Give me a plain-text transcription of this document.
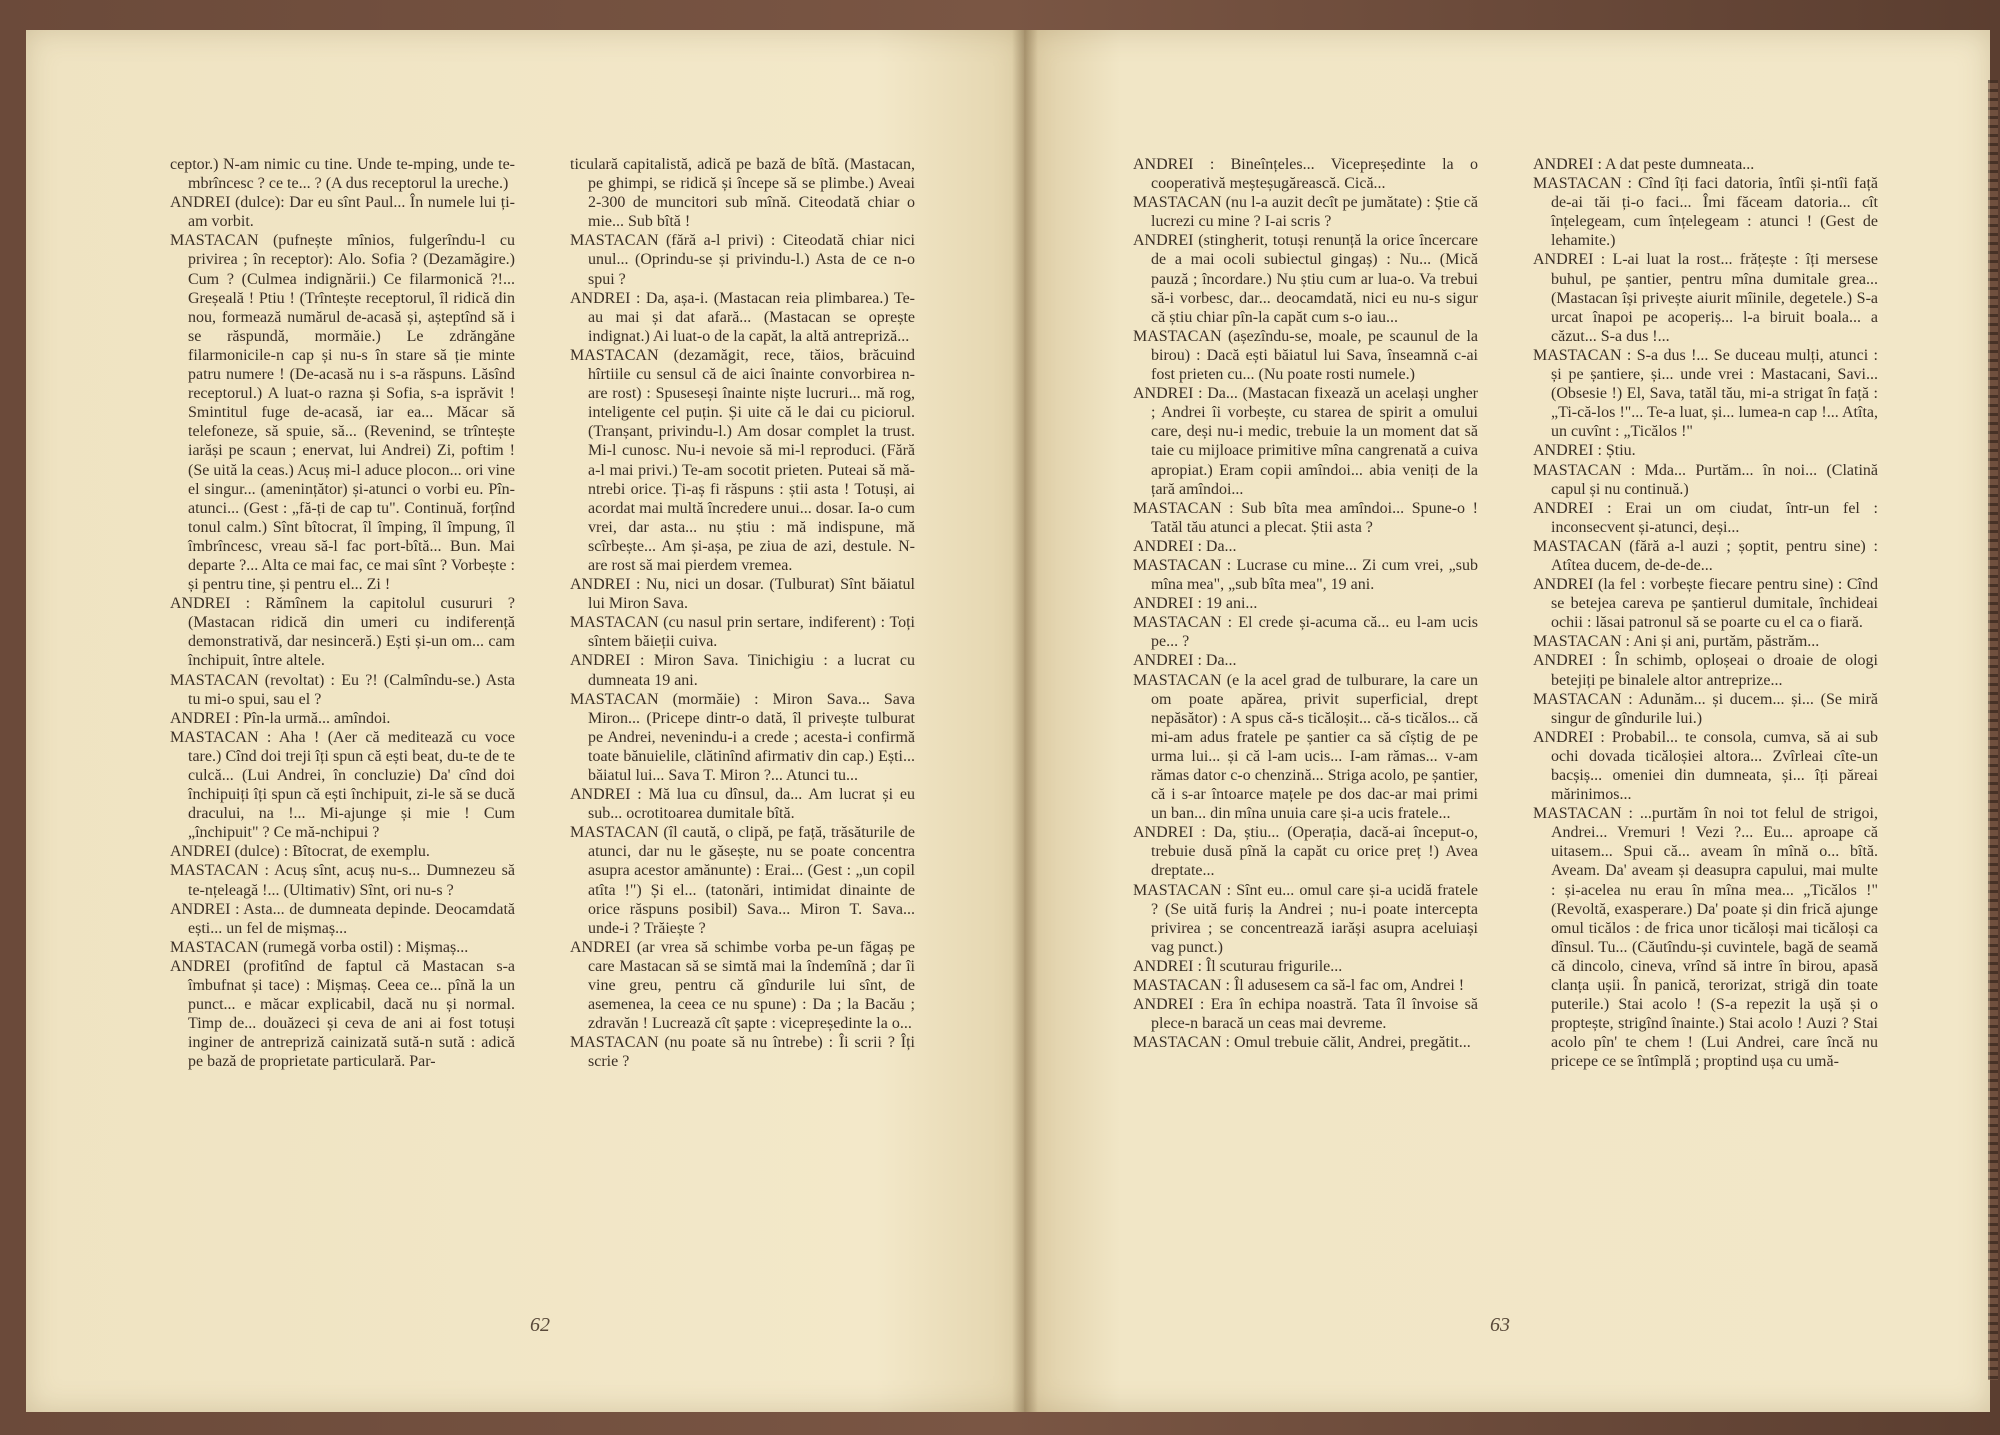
ceptor.) N-am nimic cu tine. Unde te-mping, unde te-mbrîncesc ? ce te... ? (A dus receptorul la ureche.)

ANDREI (dulce): Dar eu sînt Paul... În numele lui ți-am vorbit.

MASTACAN (pufnește mînios, fulgerîndu-l cu privirea ; în receptor): Alo. Sofia ? (Dezamăgire.) Cum ? (Culmea indignării.) Ce filarmonică ?!... Greșeală ! Ptiu ! (Trîntește receptorul, îl ridică din nou, formează numărul de-acasă și, așteptînd să i se răspundă, mormăie.) Le zdrăngăne filarmonicile-n cap și nu-s în stare să ție minte patru numere ! (De-acasă nu i s-a răspuns. Lăsînd receptorul.) A luat-o razna și Sofia, s-a isprăvit ! Smintitul fuge de-acasă, iar ea... Măcar să telefoneze, să spuie, să... (Revenind, se trîntește iarăși pe scaun ; enervat, lui Andrei) Zi, poftim ! (Se uită la ceas.) Acuș mi-l aduce plocon... ori vine el singur... (amenințător) și-atunci o vorbi eu. Pîn-atunci... (Gest : „fă-ți de cap tu". Continuă, forțînd tonul calm.) Sînt bîtocrat, îl împing, îl împung, îl îmbrîncesc, vreau să-l fac port-bîtă... Bun. Mai departe ?... Alta ce mai fac, ce mai sînt ? Vorbește : și pentru tine, și pentru el... Zi !

ANDREI : Rămînem la capitolul cusururi ? (Mastacan ridică din umeri cu indiferență demonstrativă, dar nesinceră.) Ești și-un om... cam închipuit, între altele.

MASTACAN (revoltat) : Eu ?! (Calmîndu-se.) Asta tu mi-o spui, sau el ?

ANDREI : Pîn-la urmă... amîndoi.

MASTACAN : Aha ! (Aer că meditează cu voce tare.) Cînd doi treji îți spun că ești beat, du-te de te culcă... (Lui Andrei, în concluzie) Da' cînd doi închipuiți îți spun că ești închipuit, zi-le să se ducă dracului, na !... Mi-ajunge și mie ! Cum „închipuit" ? Ce mă-nchipui ?

ANDREI (dulce) : Bîtocrat, de exemplu.

MASTACAN : Acuș sînt, acuș nu-s... Dumnezeu să te-nțeleagă !... (Ultimativ) Sînt, ori nu-s ?

ANDREI : Asta... de dumneata depinde. Deocamdată ești... un fel de mișmaș...

MASTACAN (rumegă vorba ostil) : Mișmaș...

ANDREI (profitînd de faptul că Mastacan s-a îmbufnat și tace) : Mișmaș. Ceea ce... pînă la un punct... e măcar explicabil, dacă nu și normal. Timp de... douăzeci și ceva de ani ai fost totuși inginer de antrepriză cainizată sută-n sută : adică pe bază de proprietate particulară. Par-

ticulară capitalistă, adică pe bază de bîtă. (Mastacan, pe ghimpi, se ridică și începe să se plimbe.) Aveai 2-300 de muncitori sub mînă. Citeodată chiar o mie... Sub bîtă !

MASTACAN (fără a-l privi) : Citeodată chiar nici unul... (Oprindu-se și privindu-l.) Asta de ce n-o spui ?

ANDREI : Da, așa-i. (Mastacan reia plimbarea.) Te-au mai și dat afară... (Mastacan se oprește indignat.) Ai luat-o de la capăt, la altă antrepriză...

MASTACAN (dezamăgit, rece, tăios, brăcuind hîrtiile cu sensul că de aici înainte convorbirea n-are rost) : Spuseseși înainte niște lucruri... mă rog, inteligente cel puțin. Și uite că le dai cu piciorul. (Tranșant, privindu-l.) Am dosar complet la trust. Mi-l cunosc. Nu-i nevoie să mi-l reproduci. (Fără a-l mai privi.) Te-am socotit prieten. Puteai să mă-ntrebi orice. Ți-aș fi răspuns : știi asta ! Totuși, ai acordat mai multă încredere unui... dosar. Ia-o cum vrei, dar asta... nu știu : mă indispune, mă scîrbește... Am și-așa, pe ziua de azi, destule. N-are rost să mai pierdem vremea.

ANDREI : Nu, nici un dosar. (Tulburat) Sînt băiatul lui Miron Sava.

MASTACAN (cu nasul prin sertare, indiferent) : Toți sîntem băieții cuiva.

ANDREI : Miron Sava. Tinichigiu : a lucrat cu dumneata 19 ani.

MASTACAN (mormăie) : Miron Sava... Sava Miron... (Pricepe dintr-o dată, îl privește tulburat pe Andrei, nevenindu-i a crede ; acesta-i confirmă toate bănuielile, clătinînd afirmativ din cap.) Ești... băiatul lui... Sava T. Miron ?... Atunci tu...

ANDREI : Mă lua cu dînsul, da... Am lucrat și eu sub... ocrotitoarea dumitale bîtă.

MASTACAN (îl caută, o clipă, pe față, trăsăturile de atunci, dar nu le găsește, nu se poate concentra asupra acestor amănunte) : Erai... (Gest : „un copil atîta !") Și el... (tatonări, intimidat dinainte de orice răspuns posibil) Sava... Miron T. Sava... unde-i ? Trăiește ?

ANDREI (ar vrea să schimbe vorba pe-un făgaș pe care Mastacan să se simtă mai la îndemînă ; dar îi vine greu, pentru că gîndurile lui sînt, de asemenea, la ceea ce nu spune) : Da ; la Bacău ; zdravăn ! Lucrează cît șapte : vicepreședinte la o...

MASTACAN (nu poate să nu întrebe) : Îi scrii ? Îți scrie ?

ANDREI : Bineînțeles... Vicepreședinte la o cooperativă meșteșugărească. Cică...

MASTACAN (nu l-a auzit decît pe jumătate) : Știe că lucrezi cu mine ? I-ai scris ?

ANDREI (stingherit, totuși renunță la orice încercare de a mai ocoli subiectul gingaș) : Nu... (Mică pauză ; încordare.) Nu știu cum ar lua-o. Va trebui să-i vorbesc, dar... deocamdată, nici eu nu-s sigur că știu chiar pîn-la capăt cum s-o iau...

MASTACAN (așezîndu-se, moale, pe scaunul de la birou) : Dacă ești băiatul lui Sava, înseamnă c-ai fost prieten cu... (Nu poate rosti numele.)

ANDREI : Da... (Mastacan fixează un același ungher ; Andrei îi vorbește, cu starea de spirit a omului care, deși nu-i medic, trebuie la un moment dat să taie cu mijloace primitive mîna cangrenată a cuiva apropiat.) Eram copii amîndoi... abia veniți de la țară amîndoi...

MASTACAN : Sub bîta mea amîndoi... Spune-o ! Tatăl tău atunci a plecat. Știi asta ?

ANDREI : Da...

MASTACAN : Lucrase cu mine... Zi cum vrei, „sub mîna mea", „sub bîta mea", 19 ani.

ANDREI : 19 ani...

MASTACAN : El crede și-acuma că... eu l-am ucis pe... ?

ANDREI : Da...

MASTACAN (e la acel grad de tulburare, la care un om poate apărea, privit superficial, drept nepăsător) : A spus că-s ticăloșit... că-s ticălos... că mi-am adus fratele pe șantier ca să cîștig de pe urma lui... și că l-am ucis... I-am rămas... v-am rămas dator c-o chenzină... Striga acolo, pe șantier, că i s-ar întoarce mațele pe dos dac-ar mai primi un ban... din mîna unuia care și-a ucis fratele...

ANDREI : Da, știu... (Operația, dacă-ai început-o, trebuie dusă pînă la capăt cu orice preț !) Avea dreptate...

MASTACAN : Sînt eu... omul care și-a ucidă fratele ? (Se uită furiș la Andrei ; nu-i poate intercepta privirea ; se concentrează iarăși asupra aceluiași vag punct.)

ANDREI : Îl scuturau frigurile...

MASTACAN : Îl adusesem ca să-l fac om, Andrei !

ANDREI : Era în echipa noastră. Tata îl învoise să plece-n baracă un ceas mai devreme.

MASTACAN : Omul trebuie călit, Andrei, pregătit...

ANDREI : A dat peste dumneata...

MASTACAN : Cînd îți faci datoria, întîi și-ntîi față de-ai tăi ți-o faci... Îmi făceam datoria... cît înțelegeam, cum înțelegeam : atunci ! (Gest de lehamite.)

ANDREI : L-ai luat la rost... frățește : îți mersese buhul, pe șantier, pentru mîna dumitale grea... (Mastacan își privește aiurit mîinile, degetele.) S-a urcat înapoi pe acoperiș... l-a biruit boala... a căzut... S-a dus !...

MASTACAN : S-a dus !... Se duceau mulți, atunci : și pe șantiere, și... unde vrei : Mastacani, Savi... (Obsesie !) El, Sava, tatăl tău, mi-a strigat în față : „Ti-că-los !"... Te-a luat, și... lumea-n cap !... Atîta, un cuvînt : „Ticălos !"

ANDREI : Știu.

MASTACAN : Mda... Purtăm... în noi... (Clatină capul și nu continuă.)

ANDREI : Erai un om ciudat, într-un fel : inconsecvent și-atunci, deși...

MASTACAN (fără a-l auzi ; șoptit, pentru sine) : Atîtea ducem, de-de-de...

ANDREI (la fel : vorbește fiecare pentru sine) : Cînd se betejea careva pe șantierul dumitale, închideai ochii : lăsai patronul să se poarte cu el ca o fiară.

MASTACAN : Ani și ani, purtăm, păstrăm...

ANDREI : În schimb, oploșeai o droaie de ologi betejiți pe binalele altor antreprize...

MASTACAN : Adunăm... și ducem... și... (Se miră singur de gîndurile lui.)

ANDREI : Probabil... te consola, cumva, să ai sub ochi dovada ticăloșiei altora... Zvîrleai cîte-un bacșiș... omeniei din dumneata, și... îți păreai mărinimos...

MASTACAN : ...purtăm în noi tot felul de strigoi, Andrei... Vremuri ! Vezi ?... Eu... aproape că uitasem... Spui că... aveam în mînă o... bîtă. Aveam. Da' aveam și deasupra capului, mai multe : și-acelea nu erau în mîna mea... „Ticălos !" (Revoltă, exasperare.) Da' poate și din frică ajunge omul ticălos : de frica unor ticăloși mai ticăloși ca dînsul. Tu... (Căutîndu-și cuvintele, bagă de seamă că dincolo, cineva, vrînd să intre în birou, apasă clanța ușii. În panică, terorizat, strigă din toate puterile.) Stai acolo ! (S-a repezit la ușă și o proptește, strigînd înainte.) Stai acolo ! Auzi ? Stai acolo pîn' te chem ! (Lui Andrei, care încă nu pricepe ce se întîmplă ; proptind ușa cu umă-

62	63
